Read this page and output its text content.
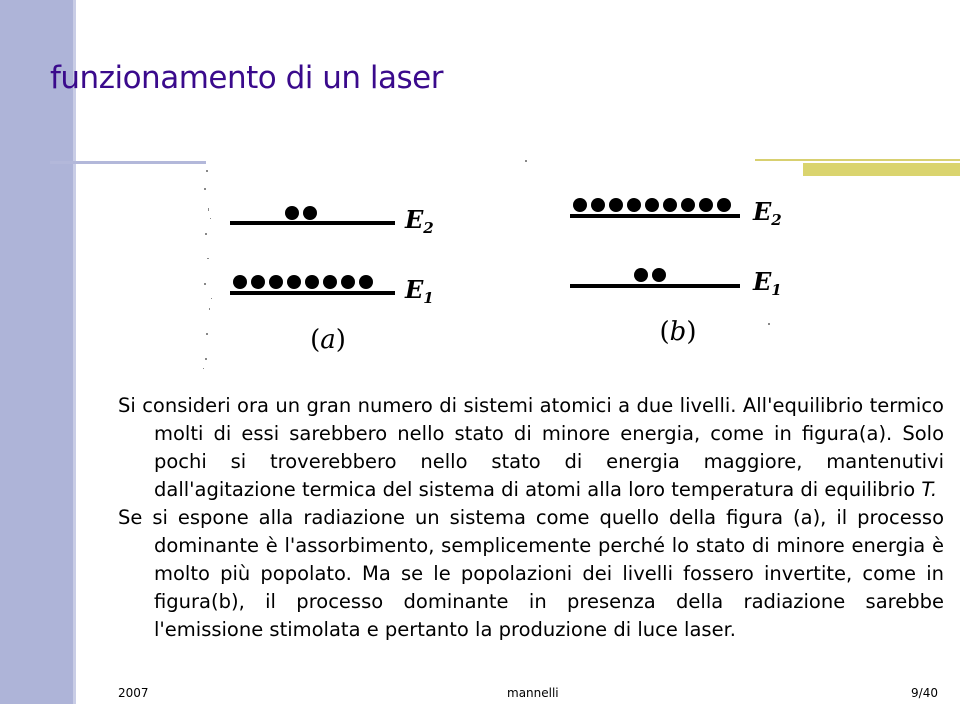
funzionamento di un laser
$E_2$
$E_1$
(a)
$E_2$
$E_1$
(b)
Si consideri ora un gran numero di sistemi atomici a due livelli. All'equilibrio termico molti di essi sarebbero nello stato di minore energia, come in figura(a). Solo pochi si troverebbero nello stato di energia maggiore, mantenutivi dall'agitazione termica del sistema di atomi alla loro temperatura di equilibrio T.
Se si espone alla radiazione un sistema come quello della figura (a), il processo dominante è l'assorbimento, semplicemente perché lo stato di minore energia è molto più popolato. Ma se le popolazioni dei livelli fossero invertite, come in figura(b), il processo dominante in presenza della radiazione sarebbe l'emissione stimolata e pertanto la produzione di luce laser.
2007	mannelli	9/40
